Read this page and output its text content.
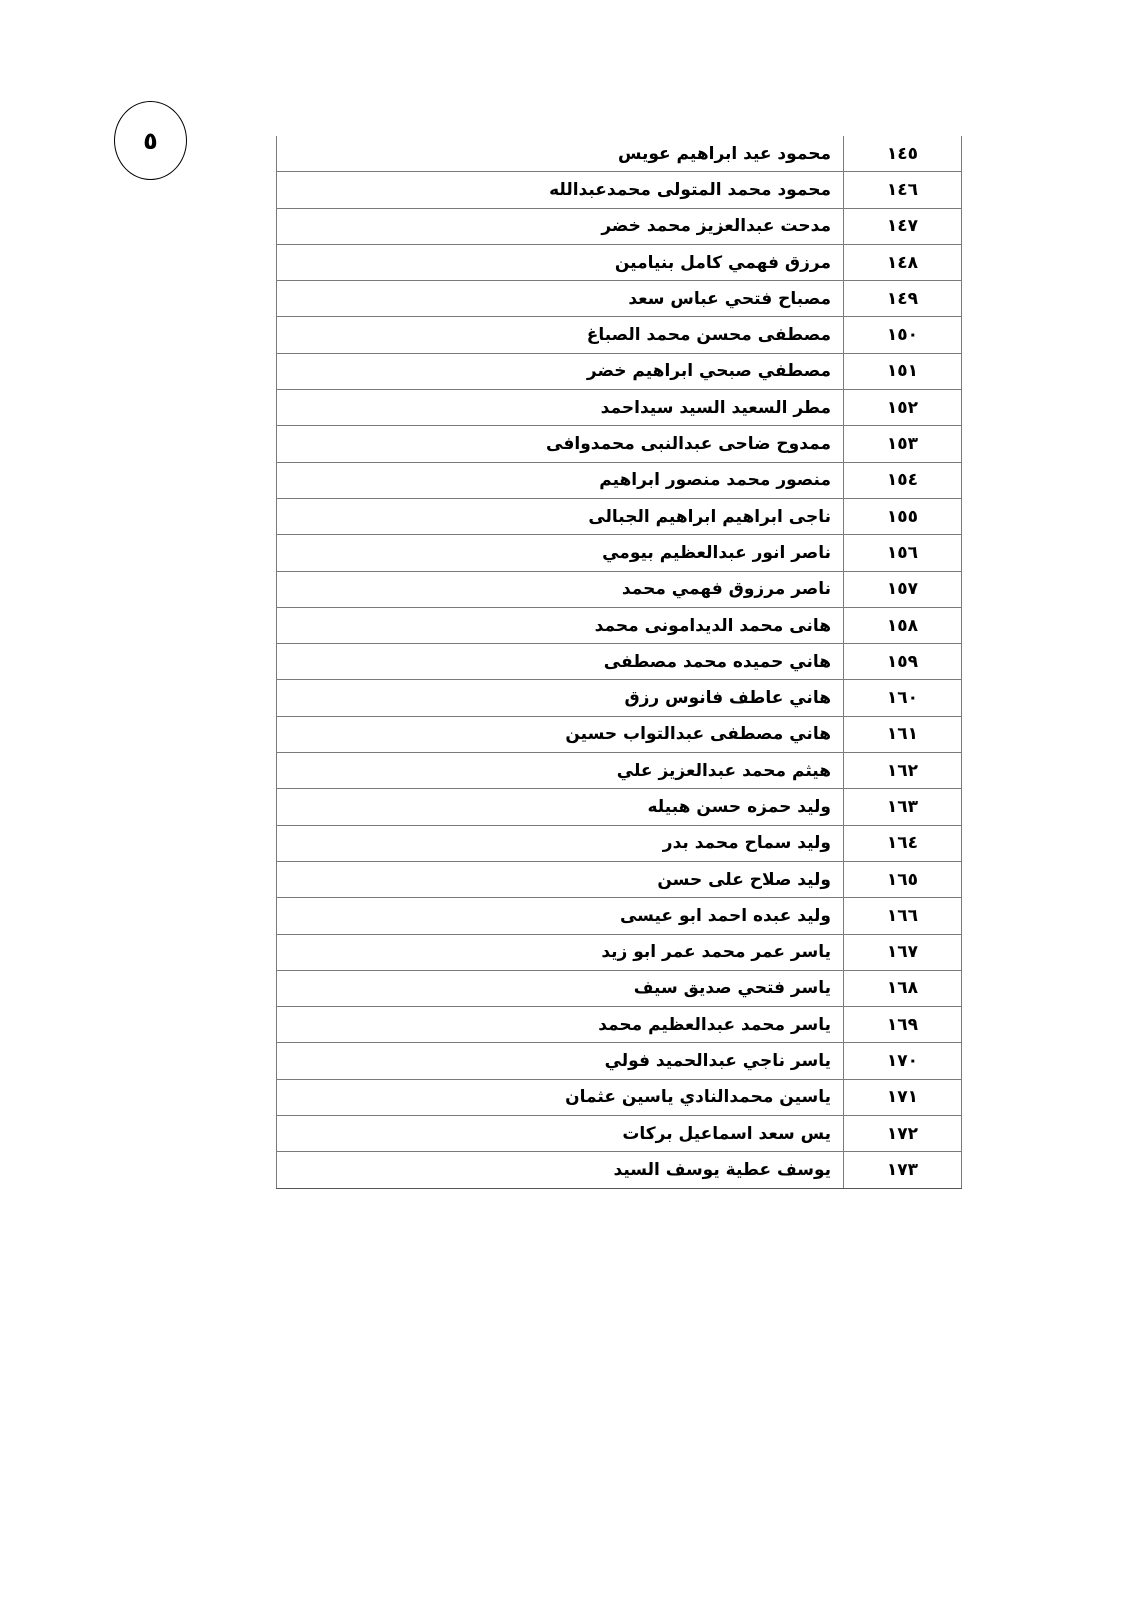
٥	١٤٥	محمود عيد ابراهيم عويس
١٤٦	محمود محمد المتولى محمدعبدالله
١٤٧	مدحت عبدالعزيز محمد خضر
١٤٨	مرزق فهمي كامل بنيامين
١٤٩	مصباح فتحي عباس سعد
١٥٠	مصطفى محسن محمد الصباغ
١٥١	مصطفي صبحي ابراهيم خضر
١٥٢	مطر السعيد السيد سيداحمد
١٥٣	ممدوح ضاحى عبدالنبى محمدوافى
١٥٤	منصور محمد منصور ابراهيم
١٥٥	ناجى ابراهيم ابراهيم الجبالى
١٥٦	ناصر انور عبدالعظيم بيومي
١٥٧	ناصر مرزوق فهمي محمد
١٥٨	هانى محمد الديدامونى محمد
١٥٩	هاني حميده محمد مصطفى
١٦٠	هاني عاطف فانوس رزق
١٦١	هاني مصطفى عبدالتواب حسين
١٦٢	هيثم محمد عبدالعزيز علي
١٦٣	وليد حمزه حسن هبيله
١٦٤	وليد سماح محمد بدر
١٦٥	وليد صلاح على حسن
١٦٦	وليد عبده احمد ابو عيسى
١٦٧	ياسر عمر محمد عمر ابو زيد
١٦٨	ياسر فتحي صديق سيف
١٦٩	ياسر محمد عبدالعظيم محمد
١٧٠	ياسر ناجي عبدالحميد فولي
١٧١	ياسين محمدالنادي ياسين عثمان
١٧٢	يس سعد اسماعيل بركات
١٧٣	يوسف عطية يوسف السيد
